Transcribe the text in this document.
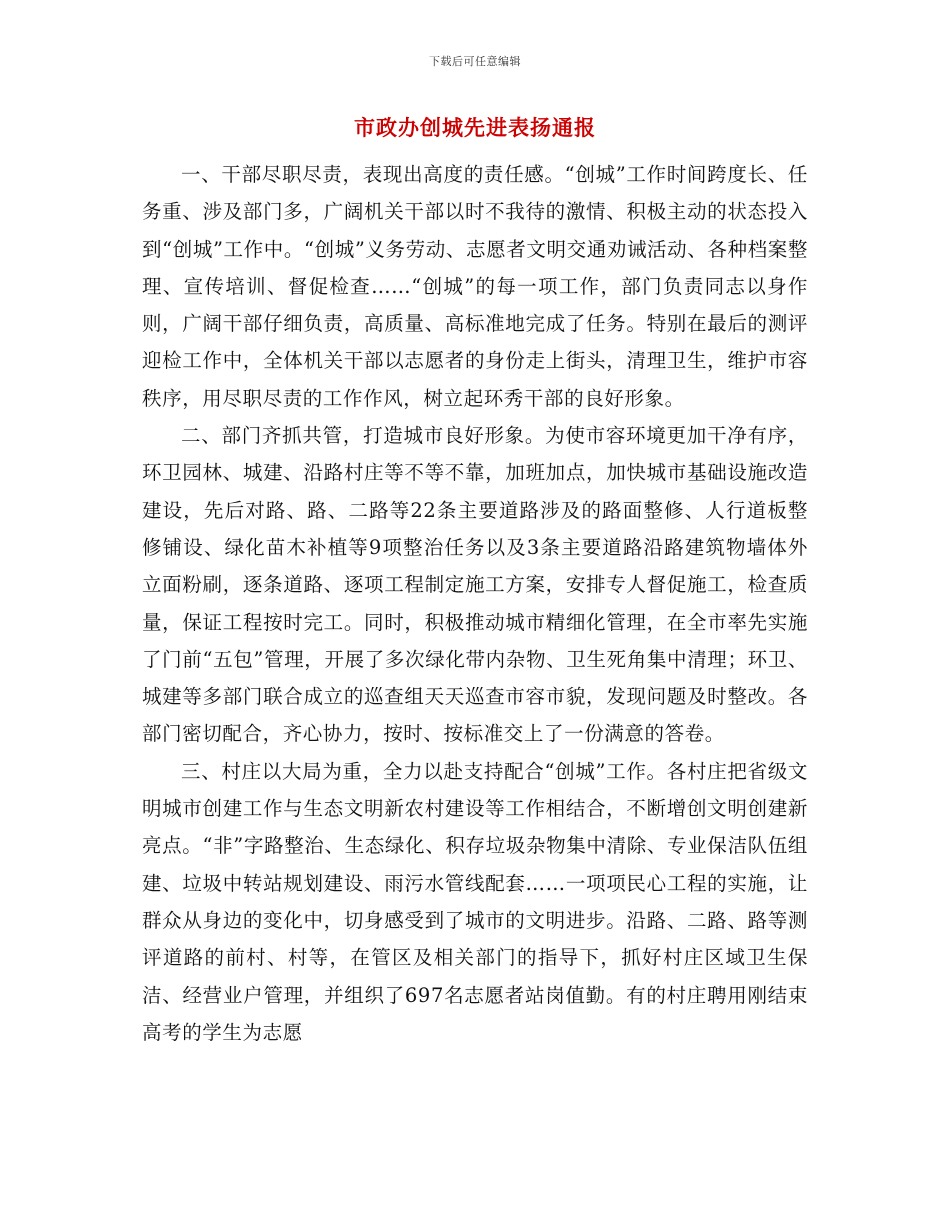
下载后可任意编辑
市政办创城先进表扬通报

一、干部尽职尽责，表现出高度的责任感。“创城”工作时间跨度长、任务重、涉及部门多，广阔机关干部以时不我待的激情、积极主动的状态投入到“创城”工作中。“创城”义务劳动、志愿者文明交通劝诫活动、各种档案整理、宣传培训、督促检查……“创城”的每一项工作，部门负责同志以身作则，广阔干部仔细负责，高质量、高标准地完成了任务。特别在最后的测评迎检工作中，全体机关干部以志愿者的身份走上街头，清理卫生，维护市容秩序，用尽职尽责的工作作风，树立起环秀干部的良好形象。

二、部门齐抓共管，打造城市良好形象。为使市容环境更加干净有序，环卫园林、城建、沿路村庄等不等不靠，加班加点，加快城市基础设施改造建设，先后对路、路、二路等22条主要道路涉及的路面整修、人行道板整修铺设、绿化苗木补植等9项整治任务以及3条主要道路沿路建筑物墙体外立面粉刷，逐条道路、逐项工程制定施工方案，安排专人督促施工，检查质量，保证工程按时完工。同时，积极推动城市精细化管理，在全市率先实施了门前“五包”管理，开展了多次绿化带内杂物、卫生死角集中清理；环卫、城建等多部门联合成立的巡查组天天巡查市容市貌，发现问题及时整改。各部门密切配合，齐心协力，按时、按标准交上了一份满意的答卷。

三、村庄以大局为重，全力以赴支持配合“创城”工作。各村庄把省级文明城市创建工作与生态文明新农村建设等工作相结合，不断增创文明创建新亮点。“非”字路整治、生态绿化、积存垃圾杂物集中清除、专业保洁队伍组建、垃圾中转站规划建设、雨污水管线配套……一项项民心工程的实施，让群众从身边的变化中，切身感受到了城市的文明进步。沿路、二路、路等测评道路的前村、村等，在管区及相关部门的指导下，抓好村庄区域卫生保洁、经营业户管理，并组织了697名志愿者站岗值勤。有的村庄聘用刚结束高考的学生为志愿
